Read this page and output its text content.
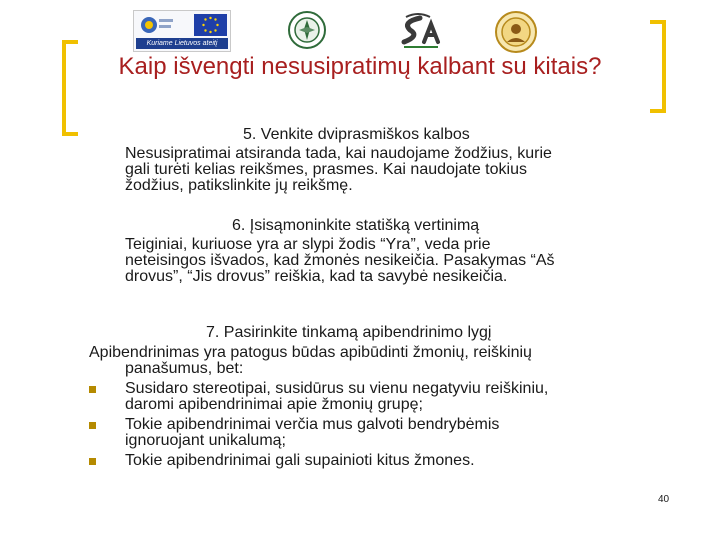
Kuriame Lietuvos ateitį
Kaip išvengti nesusipratimų kalbant su kitais?

5. Venkite dviprasmiškos kalbos

Nesusipratimai atsiranda tada, kai naudojame žodžius, kurie
gali turėti kelias reikšmes, prasmes. Kai naudojate tokius
žodžius, patikslinkite jų reikšmę.

6. Įsisąmoninkite statišką vertinimą

Teiginiai, kuriuose yra ar slypi žodis “Yra”, veda prie
neteisingos išvados, kad žmonės nesikeičia. Pasakymas “Aš
drovus”, “Jis drovus” reiškia, kad ta savybė nesikeičia.

7. Pasirinkite tinkamą apibendrinimo lygį

Apibendrinimas yra patogus būdas apibūdinti žmonių, reiškinių
panašumus, bet:
Susidaro stereotipai, susidūrus su vienu negatyviu reiškiniu,
daromi apibendrinimai apie žmonių grupę;
Tokie apibendrinimai verčia mus galvoti bendrybėmis
ignoruojant unikalumą;
Tokie apibendrinimai gali supainioti kitus žmones.
40
